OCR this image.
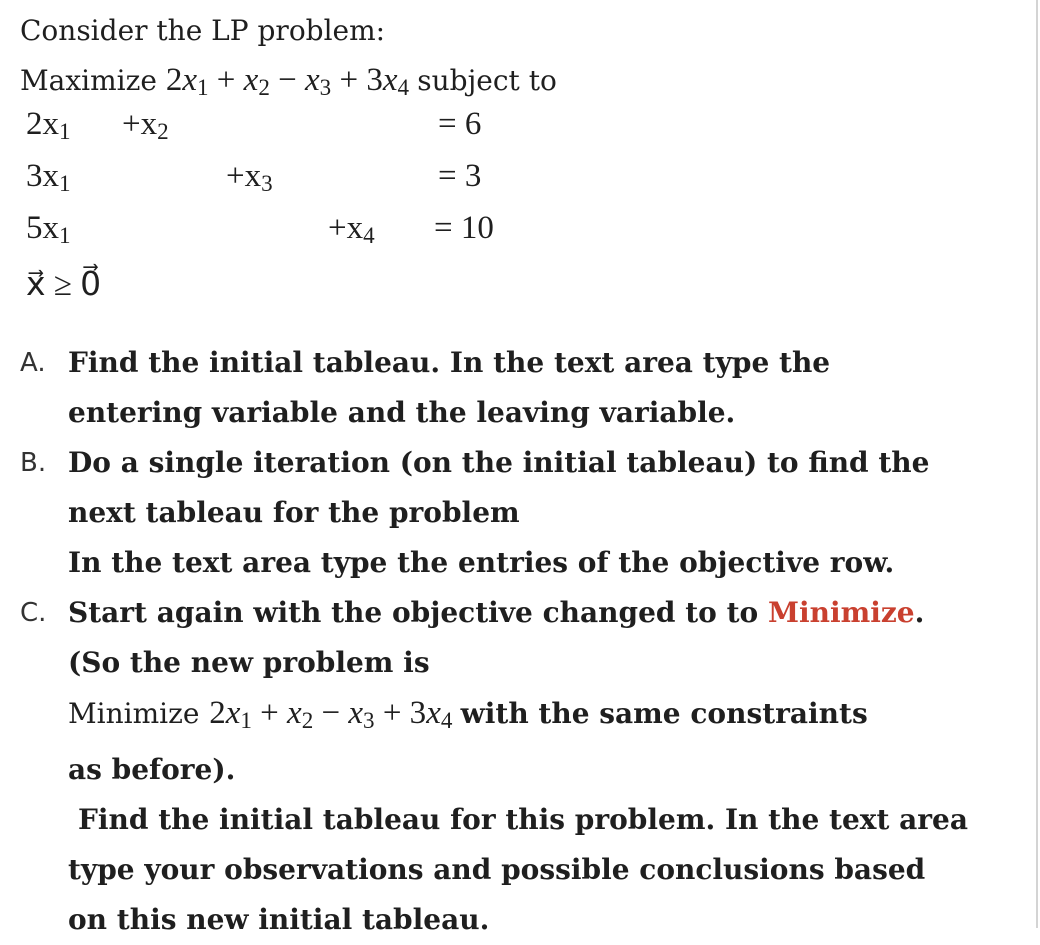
Consider the LP problem:
Maximize $2x_1 + x_2 - x_3 + 3x_4$ subject to
$2x_1 +x_2$	= 6
$3x_1$	$+x_3$	= 3
$5x_1$	$+x_4 = 10$
x⃗ ≥ 0⃗
A. Find the initial tableau. In the text area type the
entering variable and the leaving variable.
B. Do a single iteration (on the initial tableau) to find the
next tableau for the problem
In the text area type the entries of the objective row.
C. Start again with the objective changed to to Minimize.
(So the new problem is
Minimize $2x_1 + x_2 - x_3 + 3x_4$ with the same constraints
as before).
Find the initial tableau for this problem. In the text area
type your observations and possible conclusions based
on this new initial tableau.
